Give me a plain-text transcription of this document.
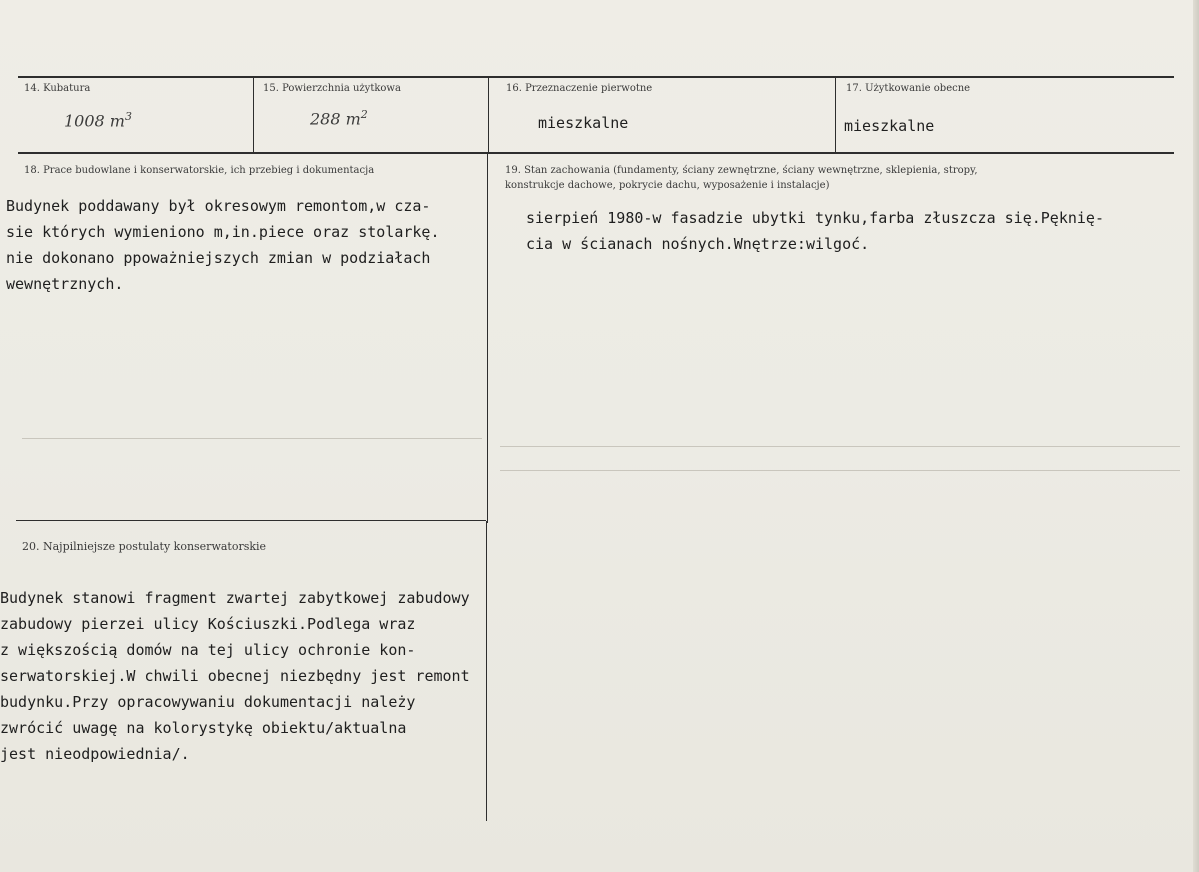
14. Kubatura
1008 $m^3$
15. Powierzchnia użytkowa
288 $m^2$
16. Przeznaczenie pierwotne
mieszkalne
17. Użytkowanie obecne
mieszkalne
18. Prace budowlane i konserwatorskie, ich przebieg i dokumentacja
Budynek poddawany był okresowym remontom,w cza-
sie których wymieniono m,in.piece oraz stolarkę.
nie dokonano ppoważniejszych zmian w podziałach
wewnętrznych.
19. Stan zachowania (fundamenty, ściany zewnętrzne, ściany wewnętrzne, sklepienia, stropy,
konstrukcje dachowe, pokrycie dachu, wyposażenie i instalacje)
sierpień 1980-w fasadzie ubytki tynku,farba złuszcza się.Pęknię-
cia w ścianach nośnych.Wnętrze:wilgoć.
20. Najpilniejsze postulaty konserwatorskie
Budynek stanowi fragment zwartej zabytkowej zabudowy
zabudowy pierzei ulicy Kościuszki.Podlega wraz
z większością domów na tej ulicy ochronie kon-
serwatorskiej.W chwili obecnej niezbędny jest remont
budynku.Przy opracowywaniu dokumentacji należy
zwrócić uwagę na kolorystykę obiektu/aktualna
jest nieodpowiednia/.
